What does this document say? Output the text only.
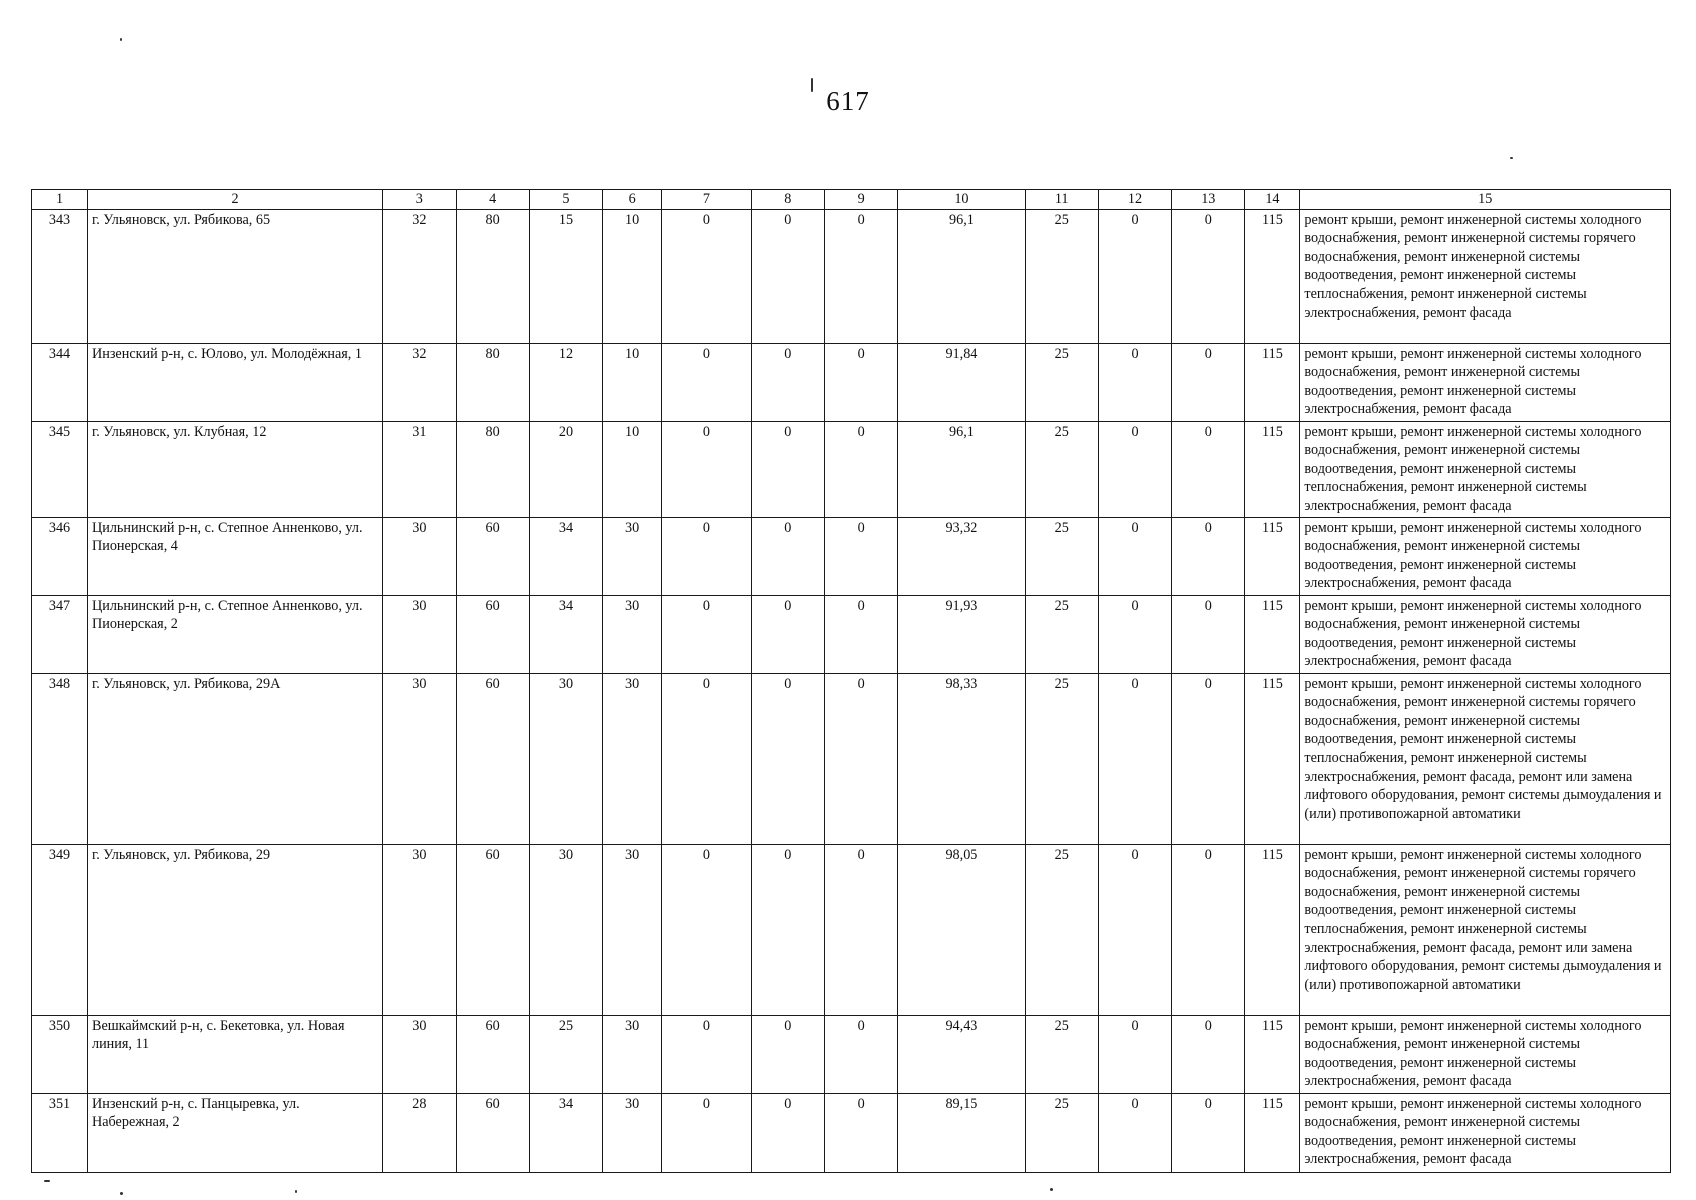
617
1	2	3	4	5	6	7	8	9	10	11	12	13	14	15
343	г. Ульяновск, ул. Рябикова, 65	32	80	15	10	0	0	0	96,1	25	0	0	115	ремонт крыши, ремонт инженерной системы холодного водоснабжения, ремонт инженерной системы горячего водоснабжения, ремонт инженерной системы водоотведения, ремонт инженерной системы теплоснабжения, ремонт инженерной системы электроснабжения, ремонт фасада
344	Инзенский р-н, с. Юлово, ул. Молодёжная, 1	32	80	12	10	0	0	0	91,84	25	0	0	115	ремонт крыши, ремонт инженерной системы холодного водоснабжения, ремонт инженерной системы водоотведения, ремонт инженерной системы электроснабжения, ремонт фасада
345	г. Ульяновск, ул. Клубная, 12	31	80	20	10	0	0	0	96,1	25	0	0	115	ремонт крыши, ремонт инженерной системы холодного водоснабжения, ремонт инженерной системы водоотведения, ремонт инженерной системы теплоснабжения, ремонт инженерной системы электроснабжения, ремонт фасада
346	Цильнинский р-н, с. Степное Анненково, ул. Пионерская, 4	30	60	34	30	0	0	0	93,32	25	0	0	115	ремонт крыши, ремонт инженерной системы холодного водоснабжения, ремонт инженерной системы водоотведения, ремонт инженерной системы электроснабжения, ремонт фасада
347	Цильнинский р-н, с. Степное Анненково, ул. Пионерская, 2	30	60	34	30	0	0	0	91,93	25	0	0	115	ремонт крыши, ремонт инженерной системы холодного водоснабжения, ремонт инженерной системы водоотведения, ремонт инженерной системы электроснабжения, ремонт фасада
348	г. Ульяновск, ул. Рябикова, 29А	30	60	30	30	0	0	0	98,33	25	0	0	115	ремонт крыши, ремонт инженерной системы холодного водоснабжения, ремонт инженерной системы горячего водоснабжения, ремонт инженерной системы водоотведения, ремонт инженерной системы теплоснабжения, ремонт инженерной системы электроснабжения, ремонт фасада, ремонт или замена лифтового оборудования, ремонт системы дымоудаления и (или) противопожарной автоматики
349	г. Ульяновск, ул. Рябикова, 29	30	60	30	30	0	0	0	98,05	25	0	0	115	ремонт крыши, ремонт инженерной системы холодного водоснабжения, ремонт инженерной системы горячего водоснабжения, ремонт инженерной системы водоотведения, ремонт инженерной системы теплоснабжения, ремонт инженерной системы электроснабжения, ремонт фасада, ремонт или замена лифтового оборудования, ремонт системы дымоудаления и (или) противопожарной автоматики
350	Вешкаймский р-н, с. Бекетовка, ул. Новая линия, 11	30	60	25	30	0	0	0	94,43	25	0	0	115	ремонт крыши, ремонт инженерной системы холодного водоснабжения, ремонт инженерной системы водоотведения, ремонт инженерной системы электроснабжения, ремонт фасада
351	Инзенский р-н, с. Панцыревка, ул. Набережная, 2	28	60	34	30	0	0	0	89,15	25	0	0	115	ремонт крыши, ремонт инженерной системы холодного водоснабжения, ремонт инженерной системы водоотведения, ремонт инженерной системы электроснабжения, ремонт фасада
